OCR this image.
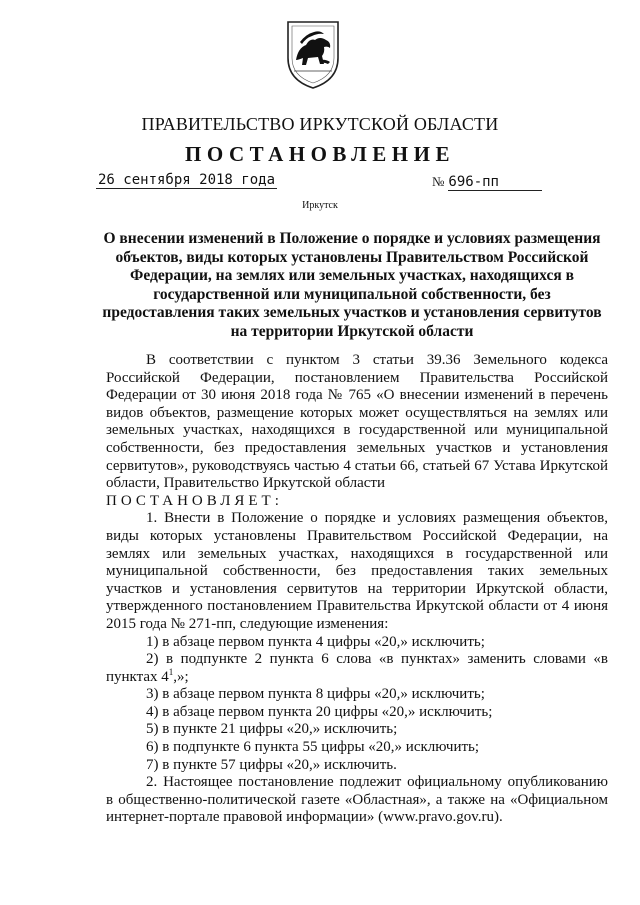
ПРАВИТЕЛЬСТВО ИРКУТСКОЙ ОБЛАСТИ
ПОСТАНОВЛЕНИЕ
26 сентября 2018 года	№ 696-пп
Иркутск
О внесении изменений в Положение о порядке и условиях размещения объектов, виды которых установлены Правительством Российской Федерации, на землях или земельных участках, находящихся в государственной или муниципальной собственности, без предоставления таких земельных участков и установления сервитутов на территории Иркутской области

В соответствии с пунктом 3 статьи 39.36 Земельного кодекса Российской Федерации, постановлением Правительства Российской Федерации от 30 июня 2018 года № 765 «О внесении изменений в перечень видов объектов, размещение которых может осуществляться на землях или земельных участках, находящихся в государственной или муниципальной собственности, без предоставления земельных участков и установления сервитутов», руководствуясь частью 4 статьи 66, статьей 67 Устава Иркутской области, Правительство Иркутской области

ПОСТАНОВЛЯЕТ:

1. Внести в Положение о порядке и условиях размещения объектов, виды которых установлены Правительством Российской Федерации, на землях или земельных участках, находящихся в государственной или муниципальной собственности, без предоставления таких земельных участков и установления сервитутов на территории Иркутской области, утвержденного постановлением Правительства Иркутской области от 4 июня 2015 года № 271-пп, следующие изменения:

1) в абзаце первом пункта 4 цифры «20,» исключить;

2) в подпункте 2 пункта 6 слова «в пунктах» заменить словами «в пунктах $4^1$,»;

3) в абзаце первом пункта 8 цифры «20,» исключить;

4) в абзаце первом пункта 20 цифры «20,» исключить;

5) в пункте 21 цифры «20,» исключить;

6) в подпункте 6 пункта 55 цифры «20,» исключить;

7) в пункте 57 цифры «20,» исключить.

2. Настоящее постановление подлежит официальному опубликованию в общественно-политической газете «Областная», а также на «Официальном интернет-портале правовой информации» (www.pravo.gov.ru).
